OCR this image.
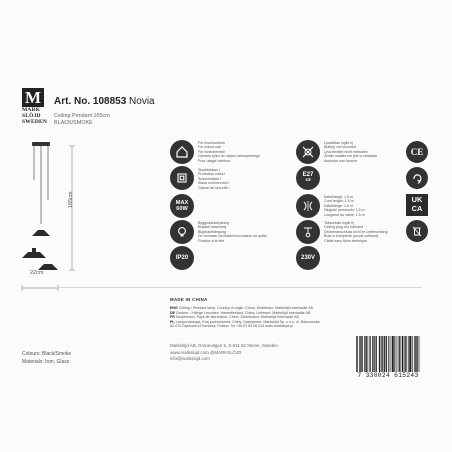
M
MARK
SLÖJD
SWEDEN
Art. No. 108853 Novia
Ceiling Pendant 165cm
BLACK/SMOKE
165cm
22cm
För inomhusbruk
For indoor use
Für Innenbereich
Opnwes tylko do użytku wewnętrznego
Pour usage intérieur
Skyddsklass I
Protection class I
Schutzklasse I
Klasa ochronności I
Classe de sécurité I
MAX
60W
Byggnadsbelysning
Bracket assembly
Bügelaufhängung
Do montażu na listwie/mocowaniu do sufitu
Fixation à la tête
IP20
Ljuskällan ingår ej
Bulb(s) not included
Leuchtmittel nicht enthalten
Źródło światła nie jest w zestawie
Ampoule non fournie
E27
x3
Kabellängd: 1.5 m
Cord length: 1.5 m
Kabellänge: 1.5 m
Długość przewodu: 1.5 m
Longueur du câble: 1.5 m
Takkontakt ingår ej
Ceiling plug not included
Deckenanschluss nicht im Lieferumfang
Brak w komplecie puszki sufitowej
Câble sans fiche électrique
230V
CE
UK
CA
MADE IN CHINA
ENG Ceiling / Pendant lamp, Country of origin: China, Distributor: Markslöjd Interhadle AB
DE Decken- / Hänge Leuchten, Herstellerland: China, Lieferant: Markslöjd Interhadle AB
FR Suspension, Pays de fabrication: Chine, Distributeur: Markslöjd Interhadle AB
PL Lampa wisząca, Kraj pochodzenia: Chiny, Dystrybutor: Markslöjd Sp. z o.o. ul. Batorowska,
62-070 Dąbrowa k.Poznania, Poland. Tel +48 61 84 06 014 www.markslojd.pl
Colours: Black/Smoke
Materials: Iron, Glass
Markslöjd AB, Granevägen 5, S-511 62 Skene, Sweden
www.markslojd.com @MARKSLÖJD
info@markslojd.com
7 330024 615243
